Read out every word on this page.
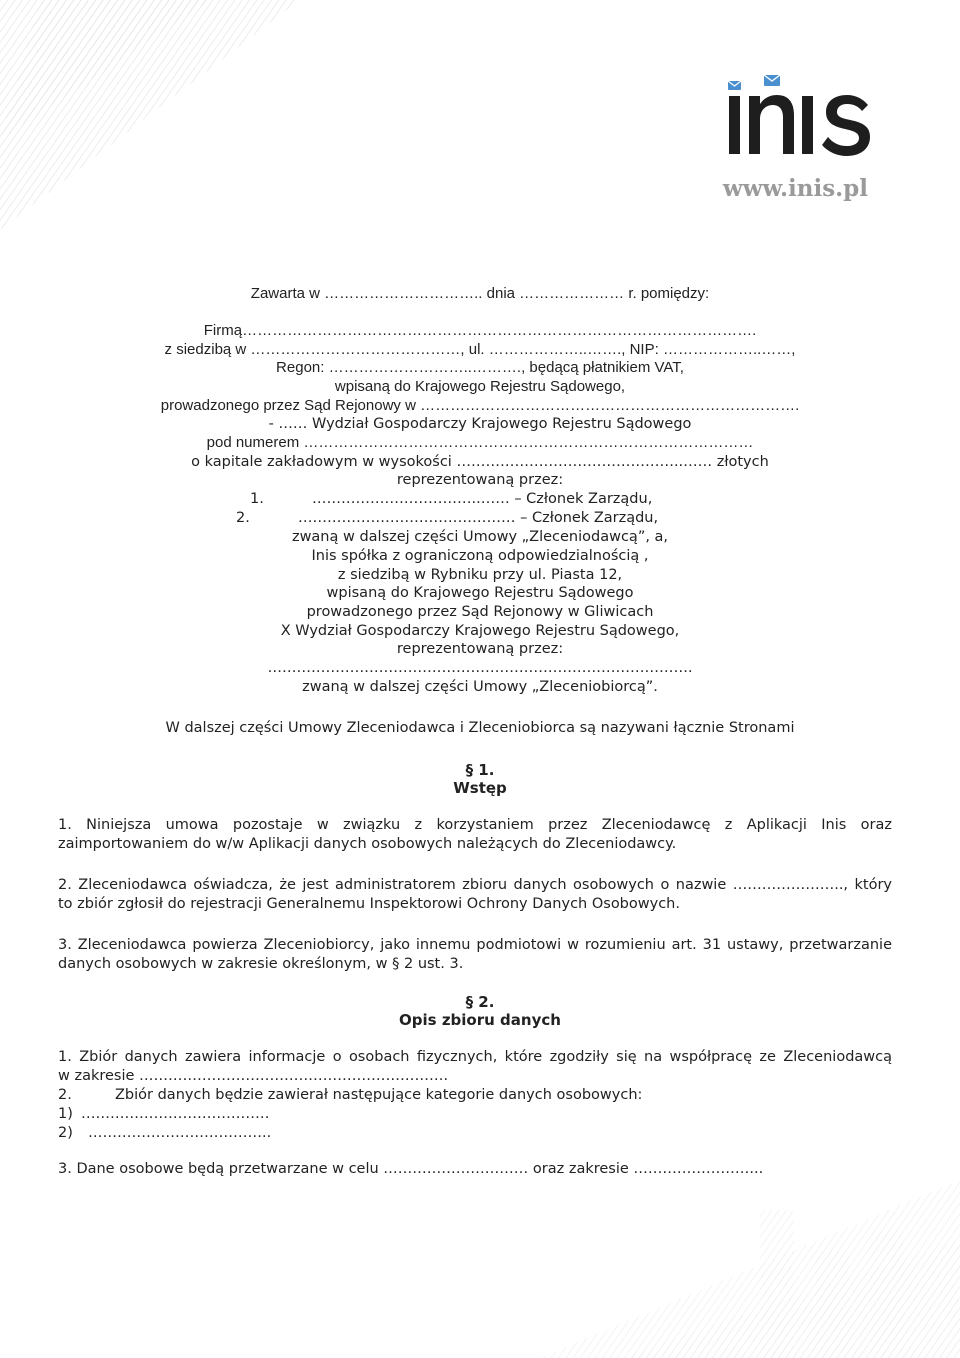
www.inis.pl
Zawarta w ………………………….. dnia ………………… r. pomiędzy:
Firmą………………………………………………………………………………………….
z siedzibą w ……………………………………, ul. ………………..……., NIP: ………………..……,
Regon: ………………………..………., będącą płatnikiem VAT,
wpisaną do Krajowego Rejestru Sądowego,
prowadzonego przez Sąd Rejonowy w ………………………………………………………………….
- …… Wydział Gospodarczy Krajowego Rejestru Sądowego
pod numerem ………………………………………………………………………………
o kapitale zakładowym w wysokości ………………………………………..…… złotych
reprezentowaną przez:
1.	……………………………..…… – Członek Zarządu,
2.	……………………………………… – Członek Zarządu,
zwaną w dalszej części Umowy „Zleceniodawcą”, a,
Inis spółka z ograniczoną odpowiedzialnością ,
z siedzibą w Rybniku przy ul. Piasta 12,
wpisaną do Krajowego Rejestru Sądowego
prowadzonego przez Sąd Rejonowy w Gliwicach
X Wydział Gospodarczy Krajowego Rejestru Sądowego,
reprezentowaną przez:
…………………………………………………………………………….
zwaną w dalszej części Umowy „Zleceniobiorcą”.
W dalszej części Umowy Zleceniodawca i Zleceniobiorca są nazywani łącznie Stronami
§ 1.
Wstęp
1. Niniejsza umowa pozostaje w związku z korzystaniem przez Zleceniodawcę z Aplikacji Inis oraz
zaimportowaniem do w/w Aplikacji danych osobowych należących do Zleceniodawcy.
2. Zleceniodawca oświadcza, że jest administratorem zbioru danych osobowych o nazwie ………………….., który
to zbiór zgłosił do rejestracji Generalnemu Inspektorowi Ochrony Danych Osobowych.
3. Zleceniodawca powierza Zleceniobiorcy, jako innemu podmiotowi w rozumieniu art. 31 ustawy, przetwarzanie
danych osobowych w zakresie określonym, w § 2 ust. 3.
§ 2.
Opis zbioru danych
1. Zbiór danych zawiera informacje o osobach fizycznych, które zgodziły się na współpracę ze Zleceniodawcą
w zakresie ……………………………………………………….
2.	Zbiór danych będzie zawierał następujące kategorie danych osobowych:
1) …………………………………
2) ………………………………..
3. Dane osobowe będą przetwarzane w celu ………………………… oraz zakresie ……………………...
